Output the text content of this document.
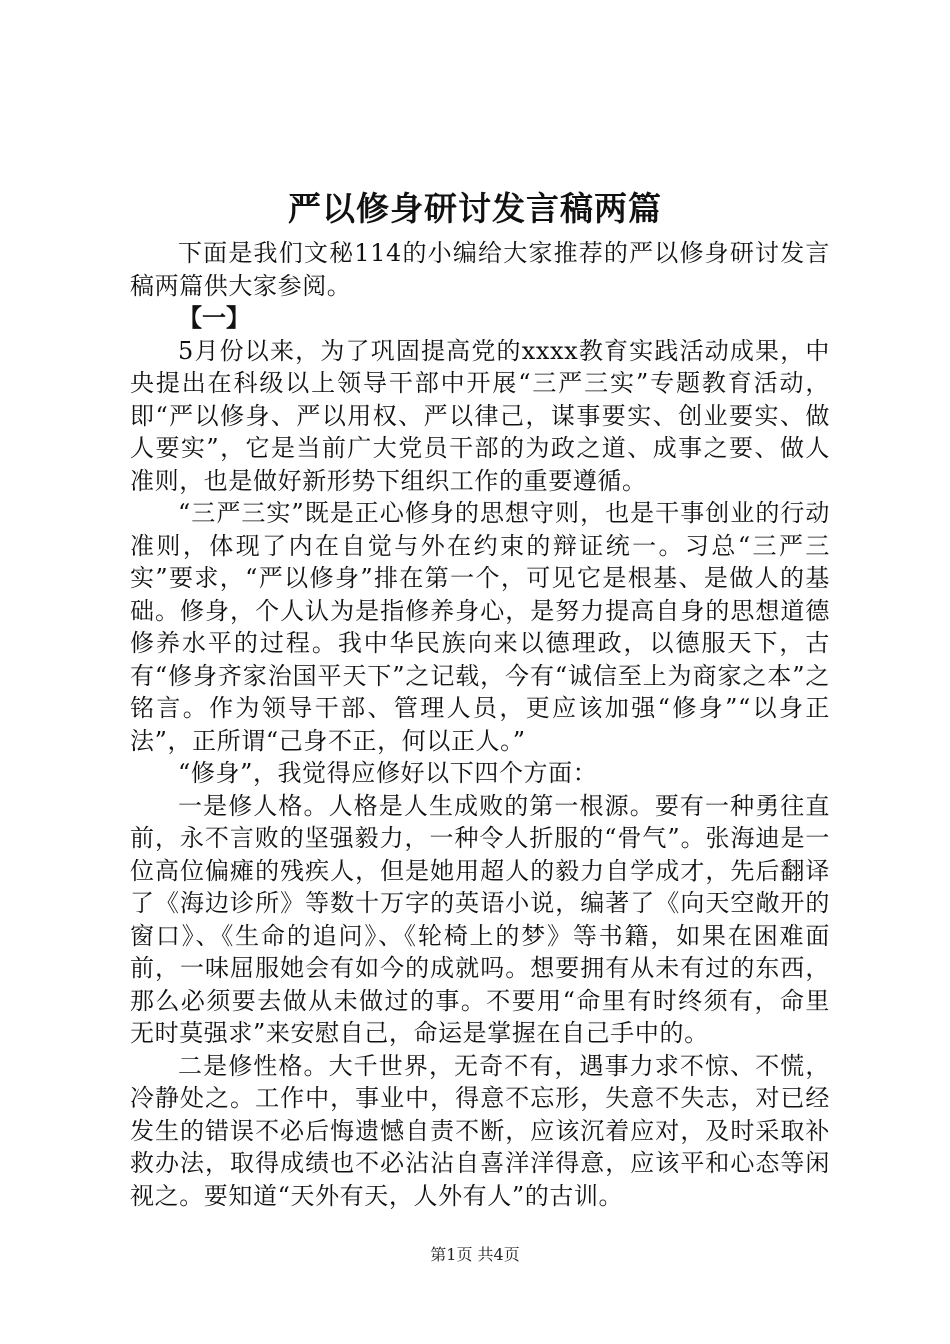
严以修身研讨发言稿两篇

下面是我们文秘114的小编给大家推荐的严以修身研讨发言稿两篇供大家参阅。

【一】

5月份以来，为了巩固提高党的xxxx教育实践活动成果，中央提出在科级以上领导干部中开展“三严三实”专题教育活动，即“严以修身、严以用权、严以律己，谋事要实、创业要实、做人要实”，它是当前广大党员干部的为政之道、成事之要、做人准则，也是做好新形势下组织工作的重要遵循。

“三严三实”既是正心修身的思想守则，也是干事创业的行动准则，体现了内在自觉与外在约束的辩证统一。习总“三严三实”要求，“严以修身”排在第一个，可见它是根基、是做人的基础。修身，个人认为是指修养身心，是努力提高自身的思想道德修养水平的过程。我中华民族向来以德理政，以德服天下，古有“修身齐家治国平天下”之记载，今有“诚信至上为商家之本”之铭言。作为领导干部、管理人员，更应该加强“修身”“以身正法”，正所谓“己身不正，何以正人。”

“修身”，我觉得应修好以下四个方面：

一是修人格。人格是人生成败的第一根源。要有一种勇往直前，永不言败的坚强毅力，一种令人折服的“骨气”。张海迪是一位高位偏瘫的残疾人，但是她用超人的毅力自学成才，先后翻译了《海边诊所》等数十万字的英语小说，编著了《向天空敞开的窗口》、《生命的追问》、《轮椅上的梦》等书籍，如果在困难面前，一味屈服她会有如今的成就吗。想要拥有从未有过的东西，那么必须要去做从未做过的事。不要用“命里有时终须有，命里无时莫强求”来安慰自己，命运是掌握在自己手中的。

二是修性格。大千世界，无奇不有，遇事力求不惊、不慌，冷静处之。工作中，事业中，得意不忘形，失意不失志，对已经发生的错误不必后悔遗憾自责不断，应该沉着应对，及时采取补救办法，取得成绩也不必沾沾自喜洋洋得意，应该平和心态等闲视之。要知道“天外有天，人外有人”的古训。

第1页 共4页
